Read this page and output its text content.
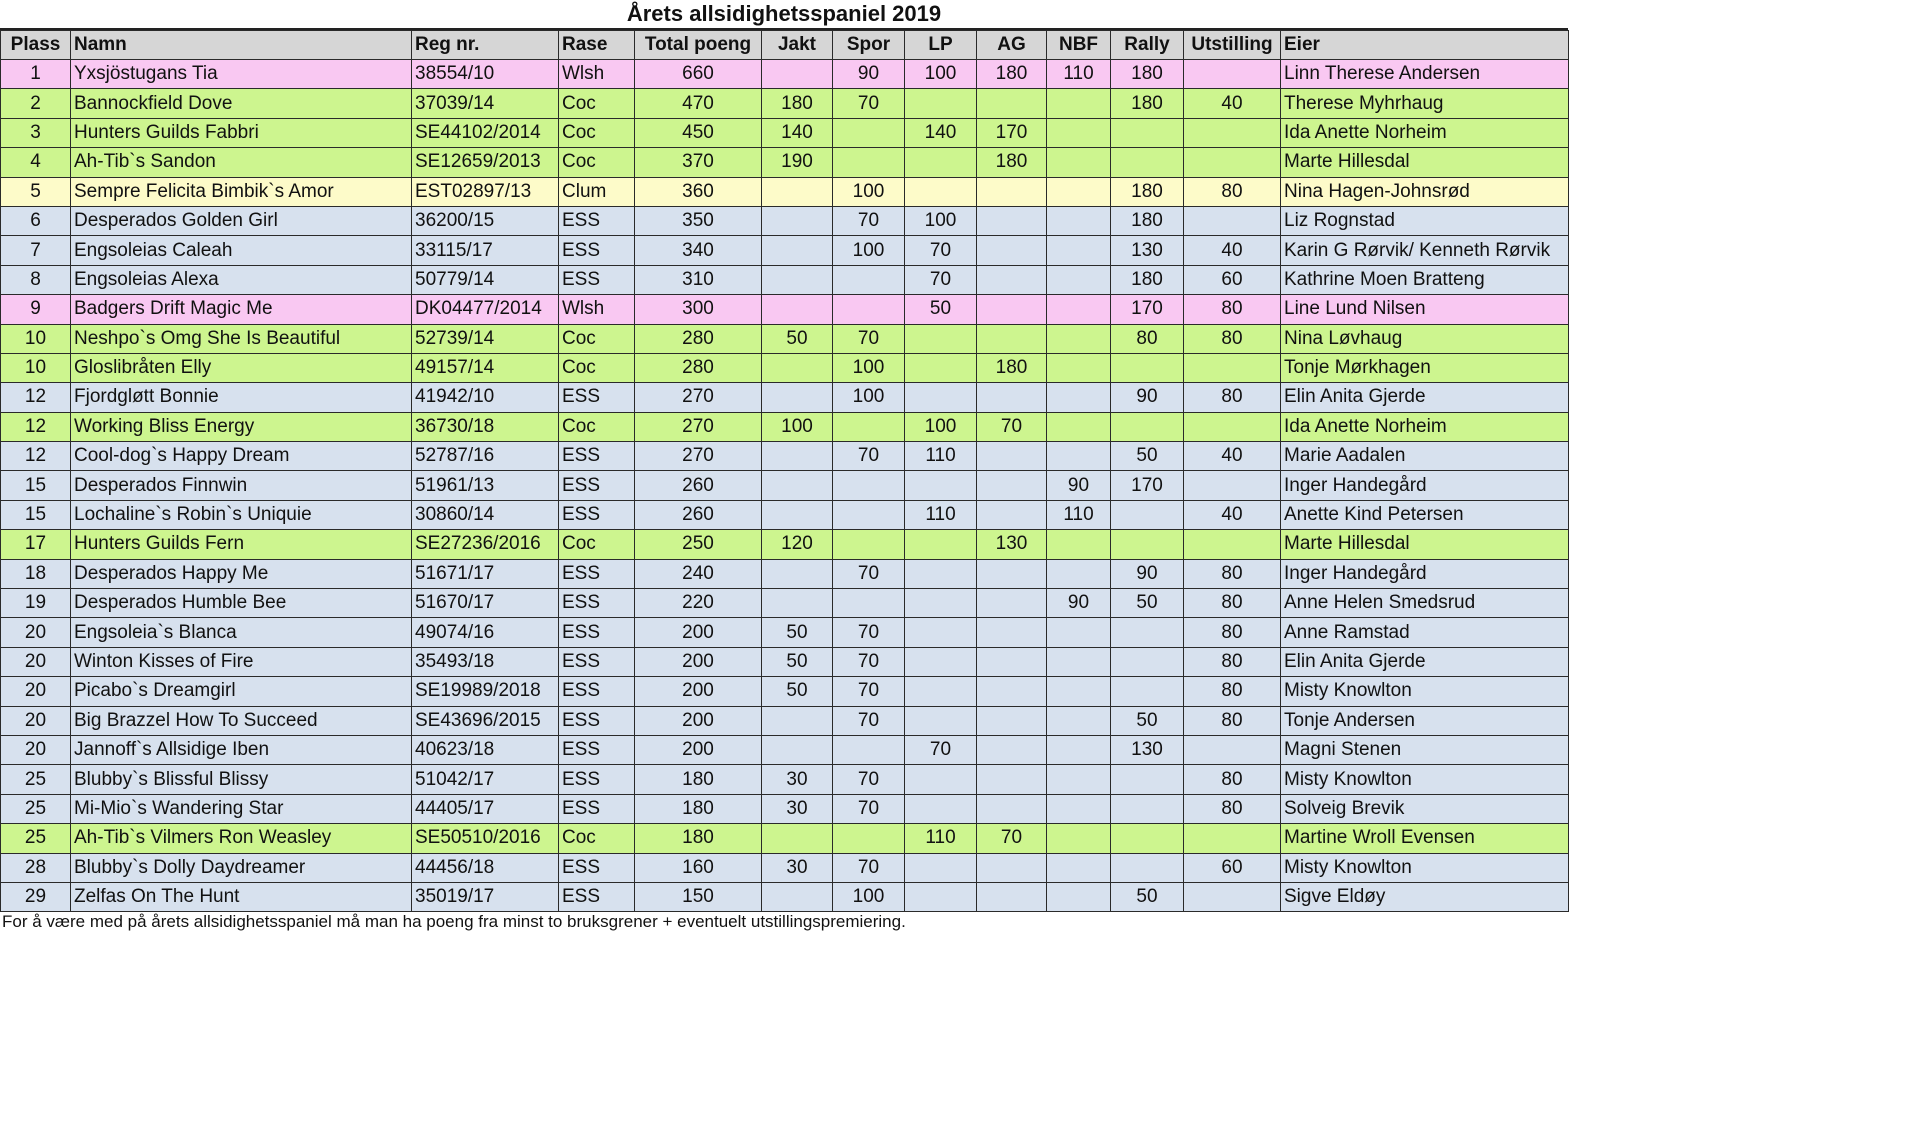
Årets allsidighetsspaniel 2019
Plass	Namn	Reg nr.	Rase	Total poeng	Jakt	Spor	LP	AG	NBF	Rally	Utstilling	Eier
1	Yxsjöstugans Tia	38554/10	Wlsh	660		90	100	180	110	180		Linn Therese Andersen
2	Bannockfield Dove	37039/14	Coc	470	180	70				180	40	Therese Myhrhaug
3	Hunters Guilds Fabbri	SE44102/2014	Coc	450	140		140	170				Ida Anette Norheim
4	Ah-Tib`s Sandon	SE12659/2013	Coc	370	190			180				Marte Hillesdal
5	Sempre Felicita Bimbik`s Amor	EST02897/13	Clum	360		100				180	80	Nina Hagen-Johnsrød
6	Desperados Golden Girl	36200/15	ESS	350		70	100			180		Liz Rognstad
7	Engsoleias Caleah	33115/17	ESS	340		100	70			130	40	Karin G Rørvik/ Kenneth Rørvik
8	Engsoleias Alexa	50779/14	ESS	310			70			180	60	Kathrine Moen Bratteng
9	Badgers Drift Magic Me	DK04477/2014	Wlsh	300			50			170	80	Line Lund Nilsen
10	Neshpo`s Omg She Is Beautiful	52739/14	Coc	280	50	70				80	80	Nina Løvhaug
10	Gloslibråten Elly	49157/14	Coc	280		100		180				Tonje Mørkhagen
12	Fjordgløtt Bonnie	41942/10	ESS	270		100				90	80	Elin Anita Gjerde
12	Working Bliss Energy	36730/18	Coc	270	100		100	70				Ida Anette Norheim
12	Cool-dog`s Happy Dream	52787/16	ESS	270		70	110			50	40	Marie Aadalen
15	Desperados Finnwin	51961/13	ESS	260					90	170		Inger Handegård
15	Lochaline`s Robin`s Uniquie	30860/14	ESS	260			110		110		40	Anette Kind Petersen
17	Hunters Guilds Fern	SE27236/2016	Coc	250	120			130				Marte Hillesdal
18	Desperados Happy Me	51671/17	ESS	240		70				90	80	Inger Handegård
19	Desperados Humble Bee	51670/17	ESS	220					90	50	80	Anne Helen Smedsrud
20	Engsoleia`s Blanca	49074/16	ESS	200	50	70					80	Anne Ramstad
20	Winton Kisses of Fire	35493/18	ESS	200	50	70					80	Elin Anita Gjerde
20	Picabo`s Dreamgirl	SE19989/2018	ESS	200	50	70					80	Misty Knowlton
20	Big Brazzel How To Succeed	SE43696/2015	ESS	200		70				50	80	Tonje Andersen
20	Jannoff`s Allsidige Iben	40623/18	ESS	200			70			130		Magni Stenen
25	Blubby`s Blissful Blissy	51042/17	ESS	180	30	70					80	Misty Knowlton
25	Mi-Mio`s Wandering Star	44405/17	ESS	180	30	70					80	Solveig Brevik
25	Ah-Tib`s Vilmers Ron Weasley	SE50510/2016	Coc	180			110	70				Martine Wroll Evensen
28	Blubby`s Dolly Daydreamer	44456/18	ESS	160	30	70					60	Misty Knowlton
29	Zelfas On The Hunt	35019/17	ESS	150		100				50		Sigve Eldøy
For å være med på årets allsidighetsspaniel må man ha poeng fra minst to bruksgrener + eventuelt utstillingspremiering.
